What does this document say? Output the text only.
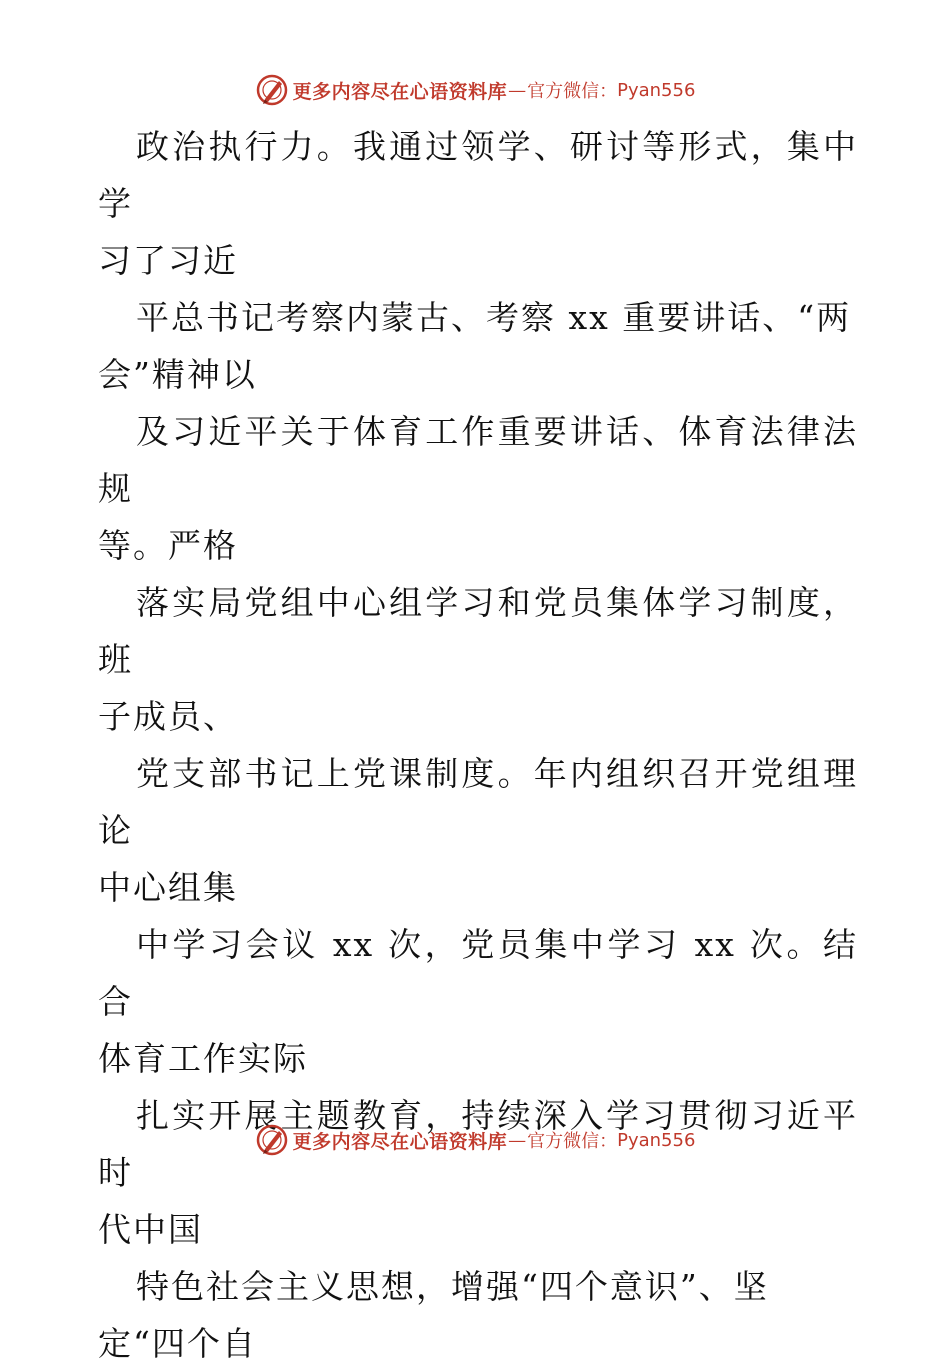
更多内容尽在心语资料库 — 官方微信： Pyan556

政治执行力。我通过领学、研讨等形式，集中学
习了习近

平总书记考察内蒙古、考察 xx 重要讲话、“两
会”精神以

及习近平关于体育工作重要讲话、体育法律法规
等。严格

落实局党组中心组学习和党员集体学习制度，班
子成员、

党支部书记上党课制度。年内组织召开党组理论
中心组集

中学习会议 xx 次，党员集中学习 xx 次。结合
体育工作实际

扎实开展主题教育，持续深入学习贯彻习近平时
代中国

特色社会主义思想，增强“四个意识”、坚
定“四个自

更多内容尽在心语资料库 — 官方微信： Pyan556
